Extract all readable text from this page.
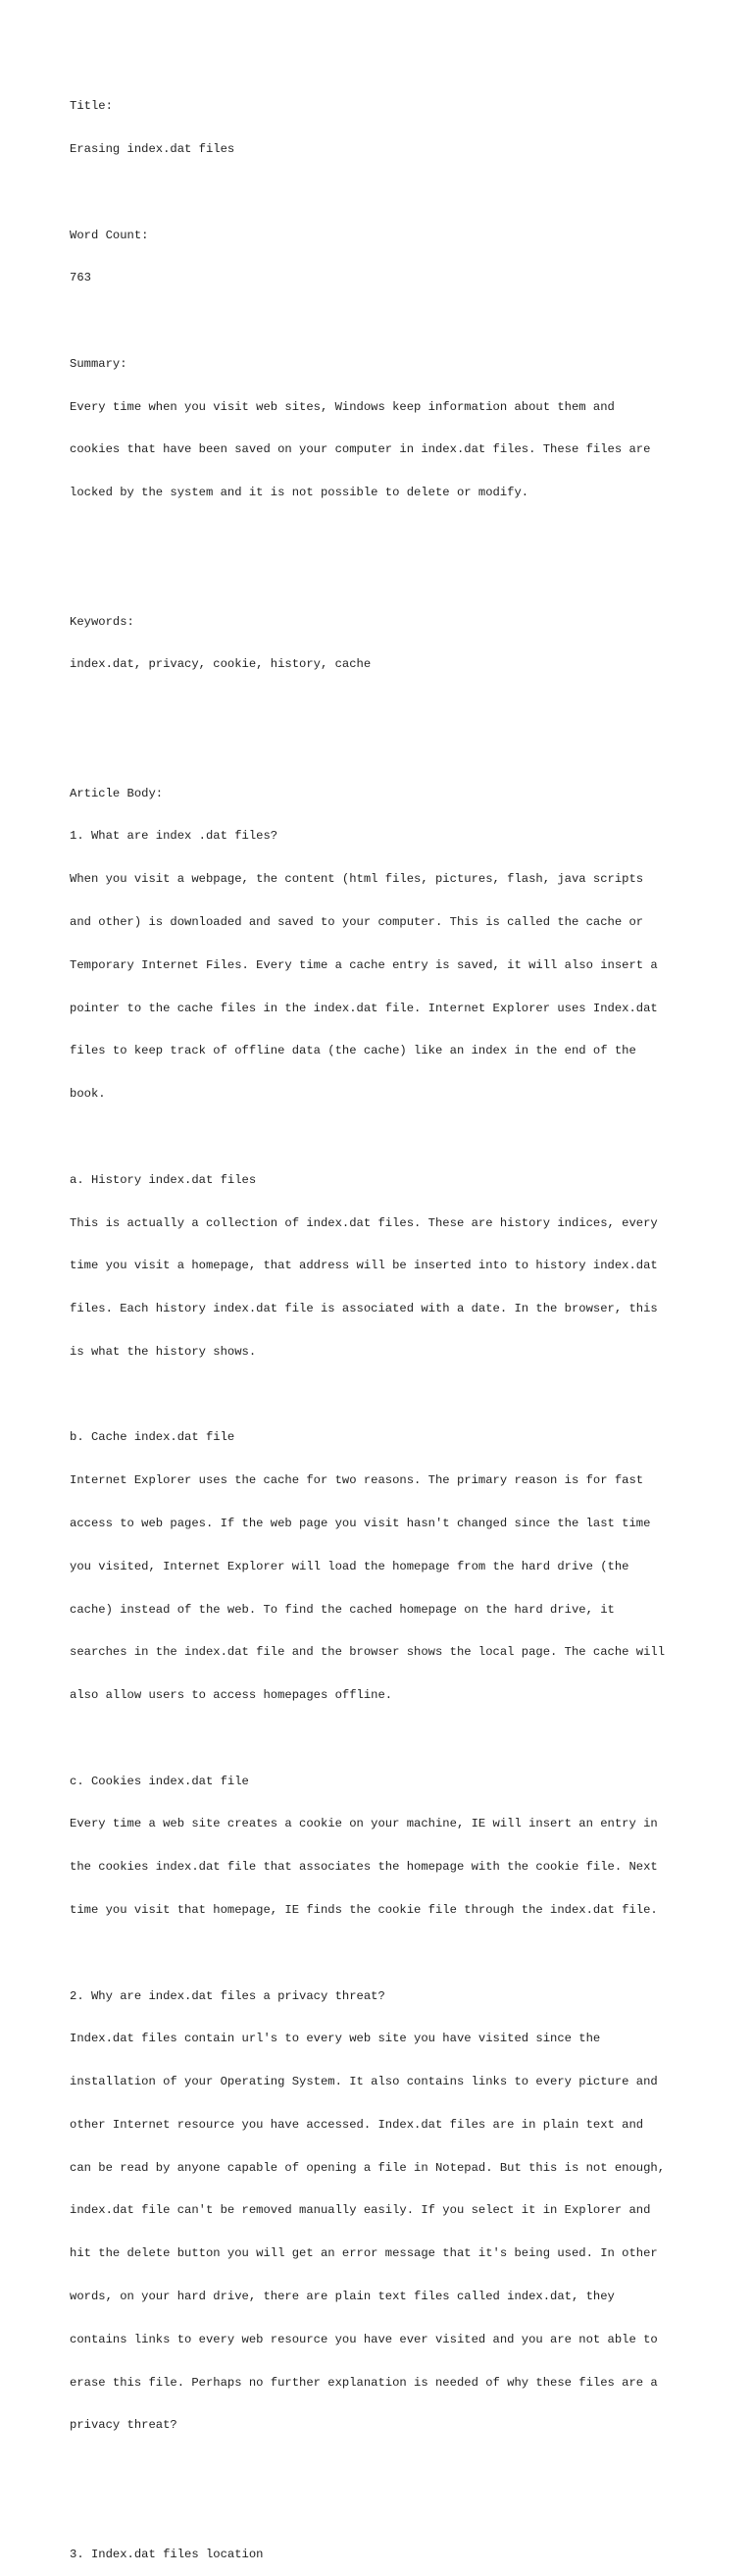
Title:

Erasing index.dat files

Word Count:

763

Summary:

Every time when you visit web sites, Windows keep information about them and

cookies that have been saved on your computer in index.dat files. These files are

locked by the system and it is not possible to delete or modify.

Keywords:

index.dat, privacy, cookie, history, cache

Article Body:

1. What are index .dat files?

When you visit a webpage, the content (html files, pictures, flash, java scripts

and other) is downloaded and saved to your computer. This is called the cache or

Temporary Internet Files. Every time a cache entry is saved, it will also insert a

pointer to the cache files in the index.dat file. Internet Explorer uses Index.dat

files to keep track of offline data (the cache) like an index in the end of the

book.

a. History index.dat files

This is actually a collection of index.dat files. These are history indices, every

time you visit a homepage, that address will be inserted into to history index.dat

files. Each history index.dat file is associated with a date. In the browser, this

is what the history shows.

b. Cache index.dat file

Internet Explorer uses the cache for two reasons. The primary reason is for fast

access to web pages. If the web page you visit hasn't changed since the last time

you visited, Internet Explorer will load the homepage from the hard drive (the

cache) instead of the web. To find the cached homepage on the hard drive, it

searches in the index.dat file and the browser shows the local page. The cache will

also allow users to access homepages offline.

c. Cookies index.dat file

Every time a web site creates a cookie on your machine, IE will insert an entry in

the cookies index.dat file that associates the homepage with the cookie file. Next

time you visit that homepage, IE finds the cookie file through the index.dat file.

2. Why are index.dat files a privacy threat?

Index.dat files contain url's to every web site you have visited since the

installation of your Operating System. It also contains links to every picture and

other Internet resource you have accessed. Index.dat files are in plain text and

can be read by anyone capable of opening a file in Notepad. But this is not enough,

index.dat file can't be removed manually easily. If you select it in Explorer and

hit the delete button you will get an error message that it's being used. In other

words, on your hard drive, there are plain text files called index.dat, they

contains links to every web resource you have ever visited and you are not able to

erase this file. Perhaps no further explanation is needed of why these files are a

privacy threat?

3. Index.dat files location
